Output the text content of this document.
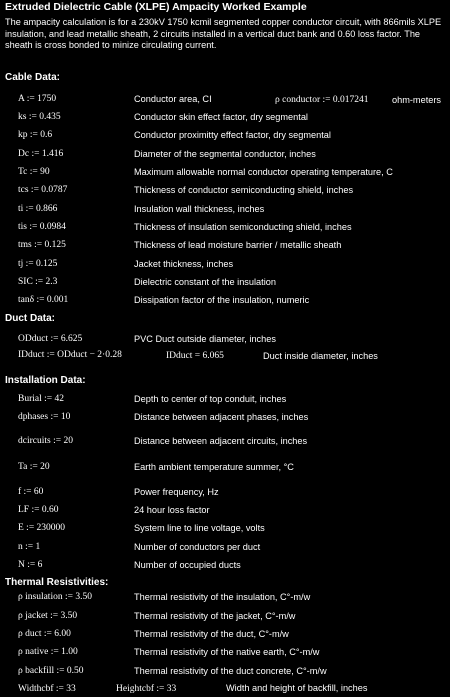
Extruded Dielectric Cable (XLPE) Ampacity Worked Example
The ampacity calculation is for a 230kV 1750 kcmil segmented copper conductor circuit, with 866mils XLPE insulation, and lead metallic sheath, 2 circuits installed in a vertical duct bank and 0.60 loss factor. The sheath is cross bonded to minize circulating current.
Cable Data:
A := 1750	Conductor area, CI	ρ conductor := 0.017241	ohm-meters
ks := 0.435	Conductor skin effect factor, dry segmental
kp := 0.6	Conductor proximitty effect factor, dry segmental
Dc := 1.416	Diameter of the segmental conductor, inches
Tc := 90	Maximum allowable normal conductor operating temperature, C
tcs := 0.0787	Thickness of conductor semiconducting shield, inches
ti := 0.866	Insulation wall thickness, inches
tis := 0.0984	Thickness of insulation semiconducting shield, inches
tms := 0.125	Thickness of lead moisture barrier / metallic sheath
tj := 0.125	Jacket thickness, inches
SIC := 2.3	Dielectric constant of the insulation
tanδ := 0.001	Dissipation factor of the insulation, numeric
Duct Data:
ODduct := 6.625	PVC Duct outside diameter, inches
IDduct := ODduct − 2·0.28	IDduct = 6.065	Duct inside diameter, inches
Installation Data:
Burial := 42	Depth to center of top conduit, inches
dphases := 10	Distance between adjacent phases, inches
dcircuits := 20	Distance between adjacent circuits, inches
Ta := 20	Earth ambient temperature summer, °C
f := 60	Power frequency, Hz
LF := 0.60	24 hour loss factor
E := 230000	System line to line voltage, volts
n := 1	Number of conductors per duct
N := 6	Number of occupied ducts
Thermal Resistivities:
ρ insulation := 3.50	Thermal resistivity of the insulation, C°-m/w
ρ jacket := 3.50	Thermal resistivity of the jacket, C°-m/w
ρ duct := 6.00	Thermal resistivity of the duct, C°-m/w
ρ native := 1.00	Thermal resistivity of the native earth, C°-m/w
ρ backfill := 0.50	Thermal resistivity of the duct concrete, C°-m/w
Widthcbf := 33	Heightcbf := 33	Width and height of backfill, inches
